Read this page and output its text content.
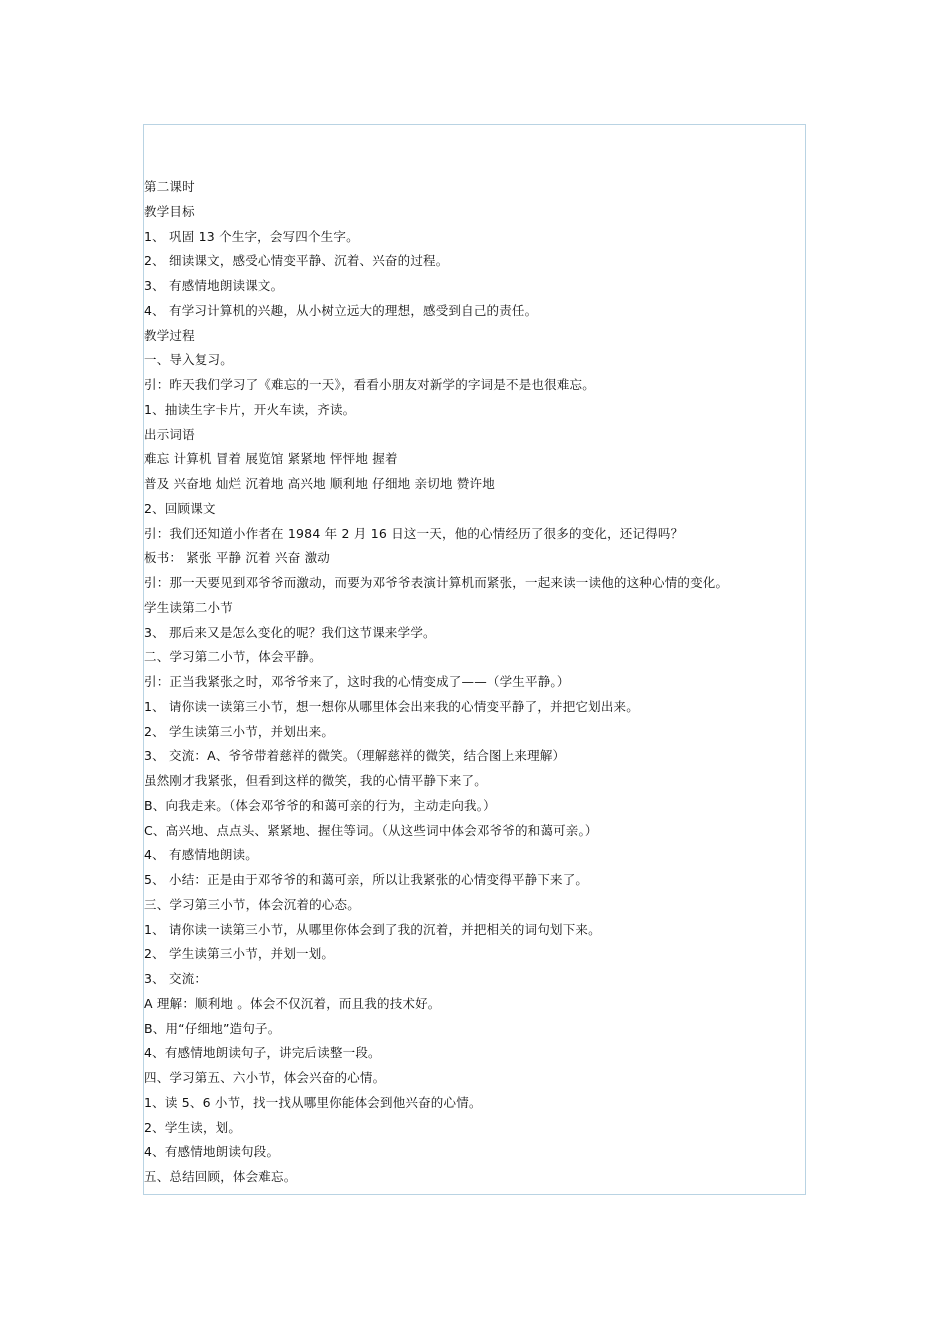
第二课时
教学目标
1、 巩固 13 个生字，会写四个生字。
2、 细读课文，感受心情变平静、沉着、兴奋的过程。
3、 有感情地朗读课文。
4、 有学习计算机的兴趣，从小树立远大的理想，感受到自己的责任。
教学过程
一、导入复习。
引：昨天我们学习了《难忘的一天》，看看小朋友对新学的字词是不是也很难忘。
1、抽读生字卡片，开火车读，齐读。
出示词语
难忘 计算机 冒着 展览馆 紧紧地 怦怦地 握着
普及 兴奋地 灿烂 沉着地 高兴地 顺利地 仔细地 亲切地 赞许地
2、回顾课文
引：我们还知道小作者在 1984 年 2 月 16 日这一天，他的心情经历了很多的变化，还记得吗？
板书： 紧张 平静 沉着 兴奋 激动
引：那一天要见到邓爷爷而激动，而要为邓爷爷表演计算机而紧张，一起来读一读他的这种心情的变化。
学生读第二小节
3、 那后来又是怎么变化的呢？我们这节课来学学。
二、学习第二小节，体会平静。
引：正当我紧张之时，邓爷爷来了，这时我的心情变成了——（学生平静。）
1、 请你读一读第三小节，想一想你从哪里体会出来我的心情变平静了，并把它划出来。
2、 学生读第三小节，并划出来。
3、 交流：A、爷爷带着慈祥的微笑。（理解慈祥的微笑，结合图上来理解）
虽然刚才我紧张，但看到这样的微笑，我的心情平静下来了。
B、向我走来。（体会邓爷爷的和蔼可亲的行为，主动走向我。）
C、高兴地、点点头、紧紧地、握住等词。（从这些词中体会邓爷爷的和蔼可亲。）
4、 有感情地朗读。
5、 小结：正是由于邓爷爷的和蔼可亲，所以让我紧张的心情变得平静下来了。
三、学习第三小节，体会沉着的心态。
1、 请你读一读第三小节，从哪里你体会到了我的沉着，并把相关的词句划下来。
2、 学生读第三小节，并划一划。
3、 交流：
A 理解：顺利地 。体会不仅沉着，而且我的技术好。
B、用“仔细地”造句子。
4、有感情地朗读句子，讲完后读整一段。
四、学习第五、六小节，体会兴奋的心情。
1、读 5、6 小节，找一找从哪里你能体会到他兴奋的心情。
2、学生读，划。
4、有感情地朗读句段。
五、总结回顾，体会难忘。
